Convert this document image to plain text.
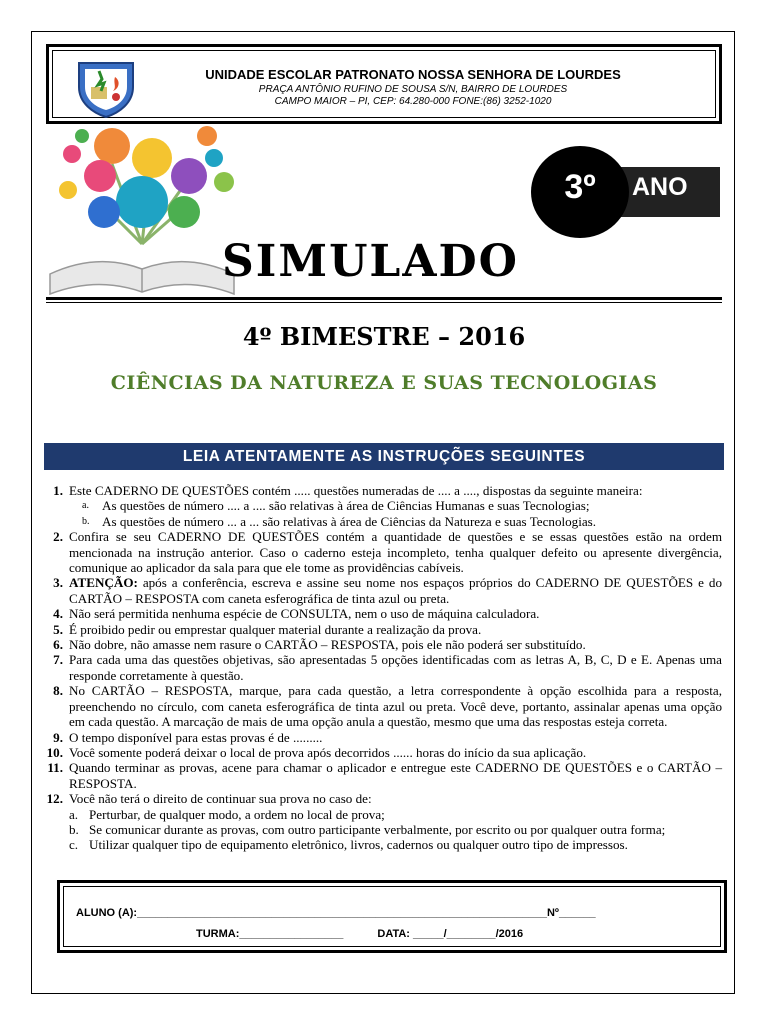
UNIDADE ESCOLAR PATRONATO NOSSA SENHORA DE LOURDES
PRAÇA ANTÔNIO RUFINO DE SOUSA S/N, BAIRRO DE LOURDES
CAMPO MAIOR – PI, CEP: 64.280-000 FONE:(86) 3252-1020
ANO
3º
SIMULADO
4º BIMESTRE – 2016
CIÊNCIAS DA NATUREZA E SUAS TECNOLOGIAS
LEIA ATENTAMENTE AS INSTRUÇÕES SEGUINTES
1. Este CADERNO DE QUESTÕES contém ..... questões numeradas de .... a ...., dispostas da seguinte maneira:
a. As questões de número .... a .... são relativas à área de Ciências Humanas e suas Tecnologias;
b. As questões de número ... a ... são relativas à área de Ciências da Natureza e suas Tecnologias.
2. Confira se seu CADERNO DE QUESTÕES contém a quantidade de questões e se essas questões estão na ordem mencionada na instrução anterior. Caso o caderno esteja incompleto, tenha qualquer defeito ou apresente divergência, comunique ao aplicador da sala para que ele tome as providências cabíveis.
3. ATENÇÃO: após a conferência, escreva e assine seu nome nos espaços próprios do CADERNO DE QUESTÕES e do CARTÃO – RESPOSTA com caneta esferográfica de tinta azul ou preta.
4. Não será permitida nenhuma espécie de CONSULTA, nem o uso de máquina calculadora.
5. É proibido pedir ou emprestar qualquer material durante a realização da prova.
6. Não dobre, não amasse nem rasure o CARTÃO – RESPOSTA, pois ele não poderá ser substituído.
7. Para cada uma das questões objetivas, são apresentadas 5 opções identificadas com as letras A, B, C, D e E. Apenas uma responde corretamente à questão.
8. No CARTÃO – RESPOSTA, marque, para cada questão, a letra correspondente à opção escolhida para a resposta, preenchendo no círculo, com caneta esferográfica de tinta azul ou preta. Você deve, portanto, assinalar apenas uma opção em cada questão. A marcação de mais de uma opção anula a questão, mesmo que uma das respostas esteja correta.
9. O tempo disponível para estas provas é de .........
10. Você somente poderá deixar o local de prova após decorridos ...... horas do início da sua aplicação.
11. Quando terminar as provas, acene para chamar o aplicador e entregue este CADERNO DE QUESTÕES e o CARTÃO – RESPOSTA.
12. Você não terá o direito de continuar sua prova no caso de:
a. Perturbar, de qualquer modo, a ordem no local de prova;
b. Se comunicar durante as provas, com outro participante verbalmente, por escrito ou por qualquer outra forma;
c. Utilizar qualquer tipo de equipamento eletrônico, livros, cadernos ou qualquer outro tipo de impressos.
ALUNO (A):___________________________________________________________________Nº______
TURMA:_________________	DATA: _____/________/2016
